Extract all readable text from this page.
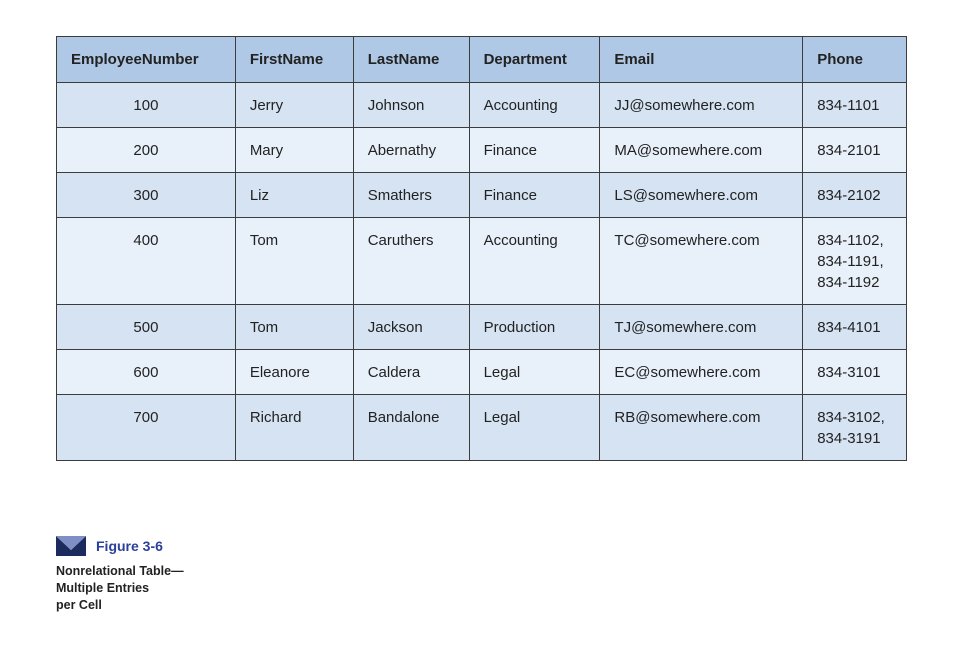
EmployeeNumber	FirstName	LastName	Department	Email	Phone
100	Jerry	Johnson	Accounting	JJ@somewhere.com	834-1101
200	Mary	Abernathy	Finance	MA@somewhere.com	834-2101
300	Liz	Smathers	Finance	LS@somewhere.com	834-2102
400	Tom	Caruthers	Accounting	TC@somewhere.com	834-1102,
834-1191,
834-1192
500	Tom	Jackson	Production	TJ@somewhere.com	834-4101
600	Eleanore	Caldera	Legal	EC@somewhere.com	834-3101
700	Richard	Bandalone	Legal	RB@somewhere.com	834-3102,
834-3191
Figure 3-6
Nonrelational Table—
Multiple Entries
per Cell
